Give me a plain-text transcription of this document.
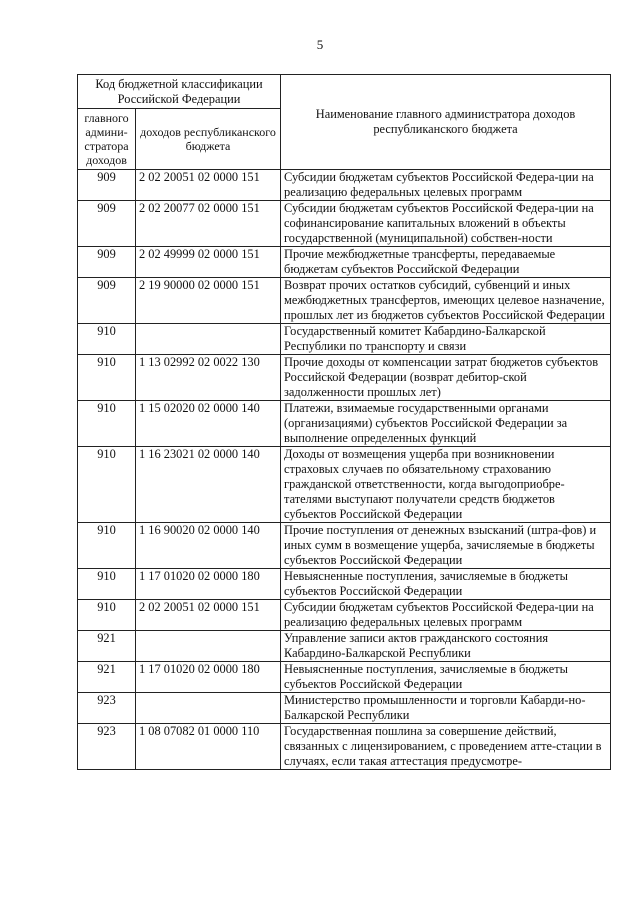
5
Код бюджетной классификации Российской Федерации		Наименование главного администратора доходов республиканского бюджета
главного админи-стратора доходов	доходов республиканского бюджета	
909	2 02 20051 02 0000 151	Субсидии бюджетам субъектов Российской Федера-ции на реализацию федеральных целевых программ
909	2 02 20077 02 0000 151	Субсидии бюджетам субъектов Российской Федера-ции на софинансирование капитальных вложений в объекты государственной (муниципальной) собствен-ности
909	2 02 49999 02 0000 151	Прочие межбюджетные трансферты, передаваемые бюджетам субъектов Российской Федерации
909	2 19 90000 02 0000 151	Возврат прочих остатков субсидий, субвенций и иных межбюджетных трансфертов, имеющих целевое назначение, прошлых лет из бюджетов субъектов Российской Федерации
910		Государственный комитет Кабардино-Балкарской Республики по транспорту и связи
910	1 13 02992 02 0022 130	Прочие доходы от компенсации затрат бюджетов субъектов Российской Федерации (возврат дебитор-ской задолженности прошлых лет)
910	1 15 02020 02 0000 140	Платежи, взимаемые государственными органами (организациями) субъектов Российской Федерации за выполнение определенных функций
910	1 16 23021 02 0000 140	Доходы от возмещения ущерба при возникновении страховых случаев по обязательному страхованию гражданской ответственности, когда выгодоприобре-тателями выступают получатели средств бюджетов субъектов Российской Федерации
910	1 16 90020 02 0000 140	Прочие поступления от денежных взысканий (штра-фов) и иных сумм в возмещение ущерба, зачисляемые в бюджеты субъектов Российской Федерации
910	1 17 01020 02 0000 180	Невыясненные поступления, зачисляемые в бюджеты субъектов Российской Федерации
910	2 02 20051 02 0000 151	Субсидии бюджетам субъектов Российской Федера-ции на реализацию федеральных целевых программ
921		Управление записи актов гражданского состояния Кабардино-Балкарской Республики
921	1 17 01020 02 0000 180	Невыясненные поступления, зачисляемые в бюджеты субъектов Российской Федерации
923		Министерство промышленности и торговли Кабарди-но-Балкарской Республики
923	1 08 07082 01 0000 110	Государственная пошлина за совершение действий, связанных с лицензированием, с проведением атте-стации в случаях, если такая аттестация предусмотре-
